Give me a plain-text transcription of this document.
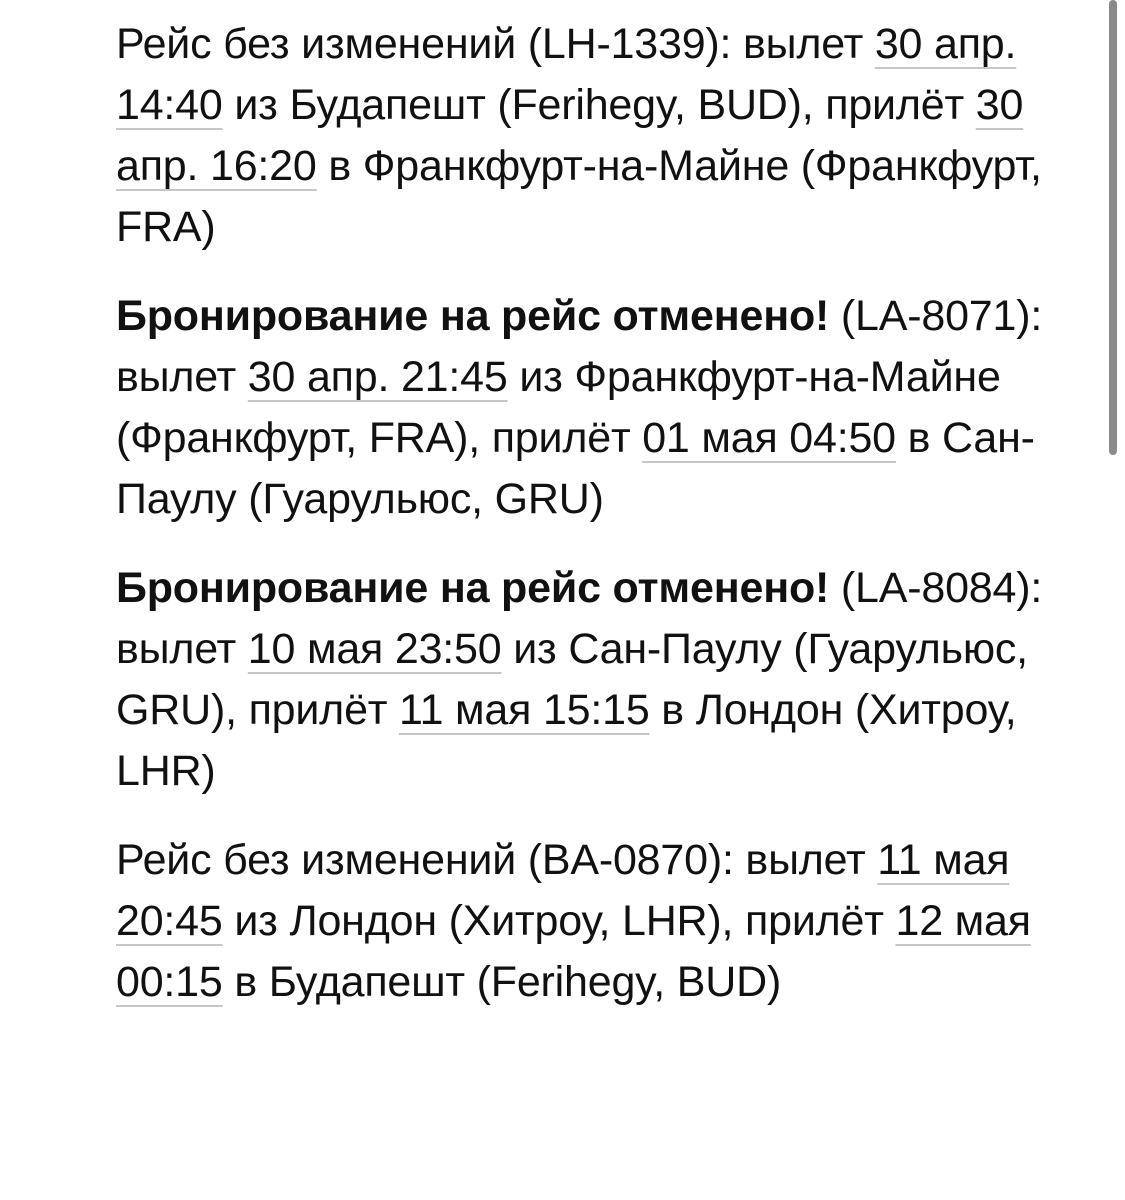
Рейс без изменений (LH-1339): вылет 30 апр. 14:40 из Будапешт (Ferihegy, BUD), прилёт 30 апр. 16:20 в Франкфурт-на-Майне (Франкфурт, FRA)

Бронирование на рейс отменено! (LA-8071): вылет 30 апр. 21:45 из Франкфурт-на-Майне (Франкфурт, FRA), прилёт 01 мая 04:50 в Сан-Паулу (Гуарульюс, GRU)

Бронирование на рейс отменено! (LA-8084): вылет 10 мая 23:50 из Сан-Паулу (Гуарульюс, GRU), прилёт 11 мая 15:15 в Лондон (Хитроу, LHR)

Рейс без изменений (BA-0870): вылет 11 мая 20:45 из Лондон (Хитроу, LHR), прилёт 12 мая 00:15 в Будапешт (Ferihegy, BUD)
